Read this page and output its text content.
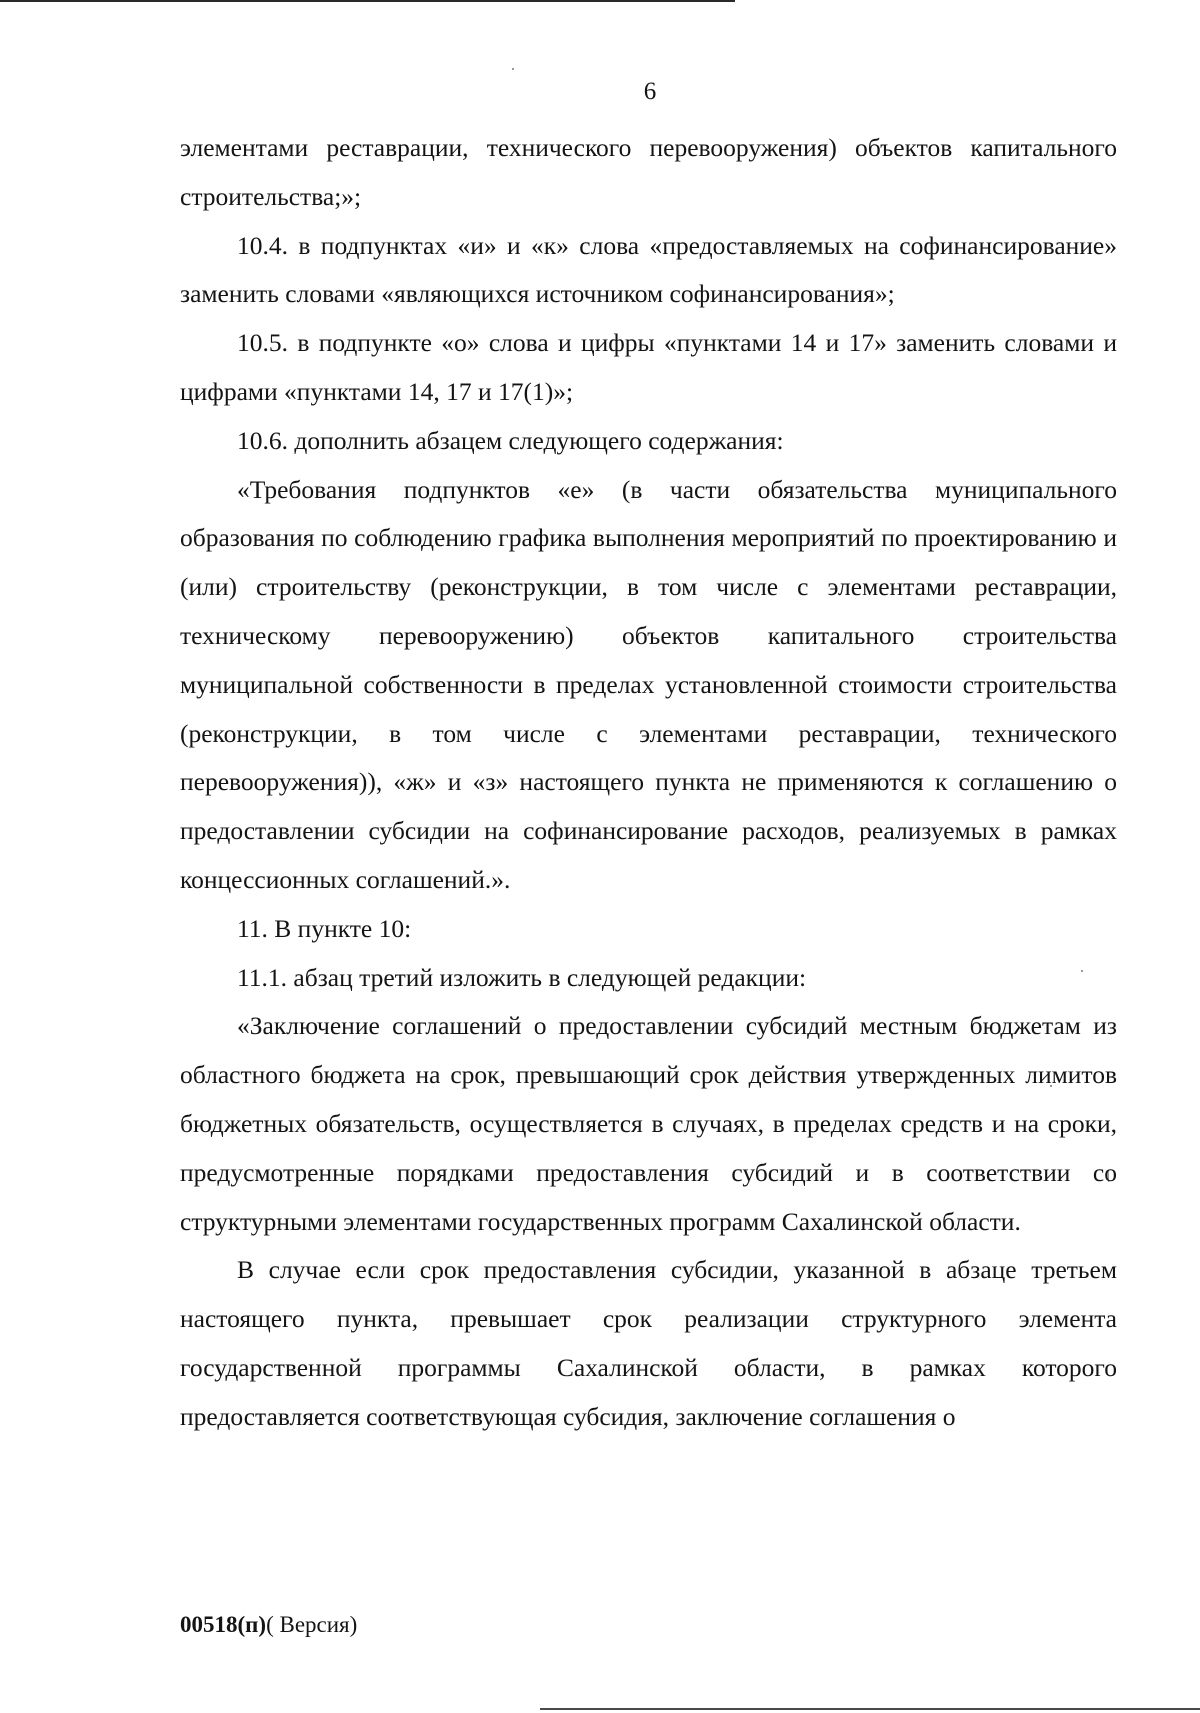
6

элементами реставрации, технического перевооружения) объектов капитального строительства;»;

10.4. в подпунктах «и» и «к» слова «предоставляемых на софинансирование» заменить словами «являющихся источником софинансирования»;

10.5. в подпункте «о» слова и цифры «пунктами 14 и 17» заменить словами и цифрами «пунктами 14, 17 и 17(1)»;

10.6. дополнить абзацем следующего содержания:

«Требования подпунктов «е» (в части обязательства муниципального образования по соблюдению графика выполнения мероприятий по проектированию и (или) строительству (реконструкции, в том числе с элементами реставрации, техническому перевооружению) объектов капитального строительства муниципальной собственности в пределах установленной стоимости строительства (реконструкции, в том числе с элементами реставрации, технического перевооружения)), «ж» и «з» настоящего пункта не применяются к соглашению о предоставлении субсидии на софинансирование расходов, реализуемых в рамках концессионных соглашений.».

11. В пункте 10:

11.1. абзац третий изложить в следующей редакции:

«Заключение соглашений о предоставлении субсидий местным бюджетам из областного бюджета на срок, превышающий срок действия утвержденных лимитов бюджетных обязательств, осуществляется в случаях, в пределах средств и на сроки, предусмотренные порядками предоставления субсидий и в соответствии со структурными элементами государственных программ Сахалинской области.

В случае если срок предоставления субсидии, указанной в абзаце третьем настоящего пункта, превышает срок реализации структурного элемента государственной программы Сахалинской области, в рамках которого предоставляется соответствующая субсидия, заключение соглашения о

00518(п)( Версия)
